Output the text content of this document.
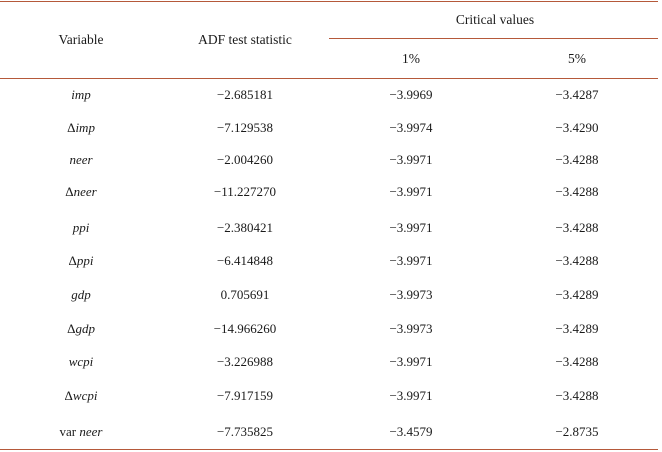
Variable	ADF test statistic
Critical values
1%	5%
imp	−2.685181	−3.9969	−3.4287
Δimp	−7.129538	−3.9974	−3.4290
neer	−2.004260	−3.9971	−3.4288
Δneer	−11.227270	−3.9971	−3.4288
ppi	−2.380421	−3.9971	−3.4288
Δppi	−6.414848	−3.9971	−3.4288
gdp	0.705691	−3.9973	−3.4289
Δgdp	−14.966260	−3.9973	−3.4289
wcpi	−3.226988	−3.9971	−3.4288
Δwcpi	−7.917159	−3.9971	−3.4288
var neer	−7.735825	−3.4579	−2.8735
